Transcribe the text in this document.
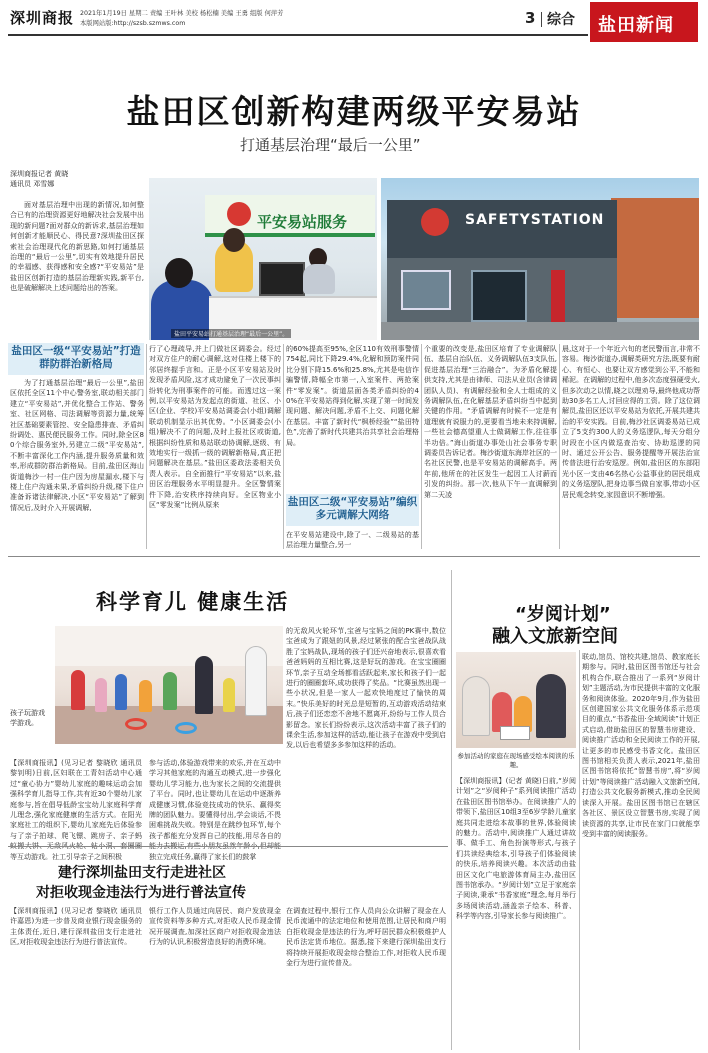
深圳商报 2021年1月19日 星期二 责编 王叶林 美校 杨松楠 美编 王勇 组版 何萍芳
本版网站版:http://szsb.szmws.com	3 综合 盐田新闻
盐田区创新构建两级平安易站
打通基层治理“最后一公里”
深圳商报记者 黄晓
通讯员 邓雪娜
面对基层治理中出现的新情况,如何整合已有的治理资源更好地解决社会发展中出现的新问题?面对群众的新诉求,基层治理如何创新才能顺民心、得民意?深圳盐田区探索社会治理现代化的新思路,如何打通基层治理的“最后一公里”,切实有效地提升居民的幸福感、获得感和安全感?“平安易站”是盐田区创新打造的基层治理新实践,新平台,也是破解解决上述问题给出的答案。
平安易站服务
盐田平安易站打通基层治理“最后一公里”。
SAFETYSTATION
盐田区一级“平安易站”打造群防群治新格局
为了打通基层治理“最后一公里”,盐田区依托全区11个中心警务室,联动相关部门建立“平安易站”,并优化整合工作站、警务室、社区网格、司法调解等资源力量,统筹社区基础要素管控、安全隐患排查、矛盾纠纷调处、惠民便民服务工作。同时,除全区80个综合服务室外,另建立二级“平安易站”,不断丰富深化工作内涵,提升服务质量和效率,形成群防群治新格局。目前,盐田区海山街道梅沙一村一住户因为房屋漏水,楼下与楼上住户沟通未果,矛盾纠纷升级,楼下住户准备诉诸法律解决,小区“平安易站”了解到情况后,及时介入开展调解,
行了心理疏导,并上门做社区调委会。经过对双方住户的耐心调解,这对住楼上楼下的邻居终握手言和。正是小区平安易站及时发现矛盾风险,这才成功避免了一次民事纠纷转化为刑事案件的可能。而透过这一案例,以平安易站为发起点的街道、社区、小区(企业、学校)平安易站调委会(小组)调解联动机制显示出其优势。“小区调委会(小组)解决不了的问题,及时上报社区或街道,根据纠纷性质和易站联动协调解,逐级、有效地实行一级抓一级的调解新格局,真正把问题解决在基层。”盐田区委政法委相关负责人表示。自全面推行“平安易站”以来,盐田区治理服务水平明显提升。全区警情案件下降,治安秩序持续向好。全区物业小区“零发案”比例从原来
的60%提高至95%,全区110有效刑事警情754起,同比下降29.4%,化解和预防案件同比分别下降15.6%和25.8%,尤其是电信诈骗警情,降幅全市第一,入室案件、两抢案件“零发案”。街道层面各类矛盾纠纷的40%在平安易站得到化解,实现了第一时间发现问题、解决问题,矛盾不上交、问题化解在基层。丰富了新时代“枫桥经验”“盐田特色”,完善了新时代共建共治共享社会治理格局。
盐田区二级“平安易站”编织多元调解大网络
在平安易站建设中,除了一、二级易站的基层治理力量整合,另一
个重要的改变是,盐田区培育了专业调解队伍、基层自治队伍、义务调解队伍3支队伍,促进基层治理“三治融合”。为矛盾化解提供支持,尤其是由律师、司法从业员(含律调团队人员)、有调解经验和全人士组成的义务调解队伍,在化解基层矛盾纠纷当中起到关键的作用。“矛盾调解有时候不一定是有道理就有说服力的,更要看当地未来持调解,一些社会德高望重人士做调解工作,往往事半功倍。”海山街道办事处山社会事务专职调委员告诉记者。梅沙街道东海岸社区的一名社区民警,也是平安易站的调解高手。两年前,他所在的社区发生一起因工人讨薪而引发的纠纷。那一次,他从下午一直调解到第二天凌
晨,这对于一个年近六旬的老民警而言,非常不容易。梅沙街道办,调解类研究方法,既要有耐心、有恒心、也要让双方感觉到公平,不能和稀泥。在调解的过程中,他多次态度强硬受火,但多次动之以情,晓之以理劝导,最终他成功帮助30多名工人,讨回应得的工资。除了这位调解员,盐田区还以平安易站为依托,开展共建共治的平安实践。目前,梅沙社区调委易站已成立了5支约300人的义务巡逻队,每天分组分时段在小区内做巡查治安、协助巡逻的同时、通过公开公告、服务提醒等开展法治宣传普法进行治安巡逻。例如,盐田区的东部阳光小区一支由46名热心公益事业的居民组成的义务巡逻队,把身边事当做自家事,带动小区居民观念转变,家园意识不断增强。
科学育儿 健康生活
孩子玩游戏学游戏。
【深圳商报讯】(见习记者 黎晓欣 通讯员 黎钊明)日前,区妇联在工青妇活动中心通过“童心协力”婴幼儿家庭的趣味运动会加强科学育儿指导工作,共有近30个婴幼儿家庭参与,旨在倡导低龄宝宝幼儿家庭科学育儿理念,强化家庭健康的生活方式。在阳光家庭社工的组织下,婴幼儿家庭先后体验参与了亲子拍球、爬飞镖、跳房子、亲子蚂 等互动游戏。社工引导亲子之间积极
参与活动,体验游戏带来的欢乐,并在互动中学习其他家庭的沟通互动模式,进一步强化婴幼儿学习能力,也为家长之间的交流提供了平台。同时,也让婴幼儿在运动中逐渐养成健康习惯,体验竞技成功的快乐、赢得奖牌的团队魅力。要懂得付出,学会谈话,不畏困难挑战失败。特别是在跳纱包环节,每个孩子都能充分发挥自己的技能,用尽各自的 独立完成任务,赢得了家长们的鼓掌
的无敌风火轮环节,宝爸与宝妈之间的PK赛中,数位宝爸成为了跟妞的风景,经过紧张的配合宝爸战队战胜了宝妈战队,现场的孩子们还兴奋地表示,很喜欢看爸爸妈妈的互相比赛,这是好玩的游戏。在宝宝圈圈环节,亲子互动全场都看活跃起来,家长和孩子们一起进行的圈圈套环,成功获得了奖品。“比赛虽然出现一些小状况,但是一家人一起欢快地度过了愉快的周末。”快乐美好的时光总是短暂的,互动游戏活动结束后,孩子们还恋恋不舍地不愿离开,纷纷与工作人员合影留念。家长们纷纷表示,这次活动丰富了孩子们的课余生活,参加这样的活动,能让孩子在游戏中受到启发,以后也希望多多参加这样的活动。
建行深圳盐田支行走进社区
对拒收现金违法行为进行普法宣传
【深圳商报讯】(见习记者 黎晓欣 通讯员 许嘉恩)为进一步普及商业银行现金服务的主体责任,近日,建行深圳盐田支行走进社区,对拒收现金违法行为进行普法宣传。
银行工作人员通过向居民、商户发放现金宣传资料等多种方式,对拒收人民币现金情况开展调查,加深社区商户对拒收现金违法行为的认识,积极营造良好的消费环境。
在调查过程中,银行工作人员向公众讲解了现金在人民币流通中的法定地位和使用范围,让居民和商户明白拒收现金是违法的行为,呼吁居民群众积极维护人民币法定货币地位。据悉,接下来建行深圳盐田支行将持续开展拒收现金综合整治工作,对拒收人民币现金行为进行宣传普及。
“岁阅计划”
融入文旅新空间
参加活动的家庭在现场感受绘本阅读的乐趣。
【深圳商报讯】(记者 黄晓)日前,“岁阅计划”之“岁阅种子”系列阅读推广活动在盐田区图书馆举办。在阅读推广人的带领下,盐田区10组3至6岁学龄儿童家庭共同走进绘本故事的世界,体验阅读的魅力。活动中,阅读推广人通过讲故事、做手工、角色扮演等形式,与孩子们共读经典绘本,引导孩子们体验阅读的快乐,培养阅读兴趣。本次活动由盐田区文化广电旅游体育局主办,盐田区图书馆承办。“岁阅计划”立足于家庭亲子阅读,秉承“书香家庭”理念,每月举行多场阅读活动,涵盖亲子绘本、科普、科学等内容,引导家长参与阅读推广。
联动,馆员、馆校共建,馆员、教家庭长期参与。同时,盐田区图书馆还与社会机构合作,联合推出了一系列“岁阅计划”主题活动,为市民提供丰富的文化服务和阅读体验。2020年9月,作为盐田区创建国家公共文化服务体系示范项目的重点,“书香盐田·全域阅读”计划正式启动,借助盐田区的智慧书房建设、阅读推广活动和全民阅读工作的开展,让更多的市民感受书香文化。盐田区图书馆相关负责人表示,2021年,盐田区图书馆将依托“智慧书房”,将“岁阅计划”等阅读推广活动融入文旅新空间,打造公共文化服务新模式,推动全民阅读深入开展。盐田区图书馆已在辖区各社区、景区设立智慧书房,实现了阅读资源的共享,让市民在家门口就能享受到丰富的阅读服务。
